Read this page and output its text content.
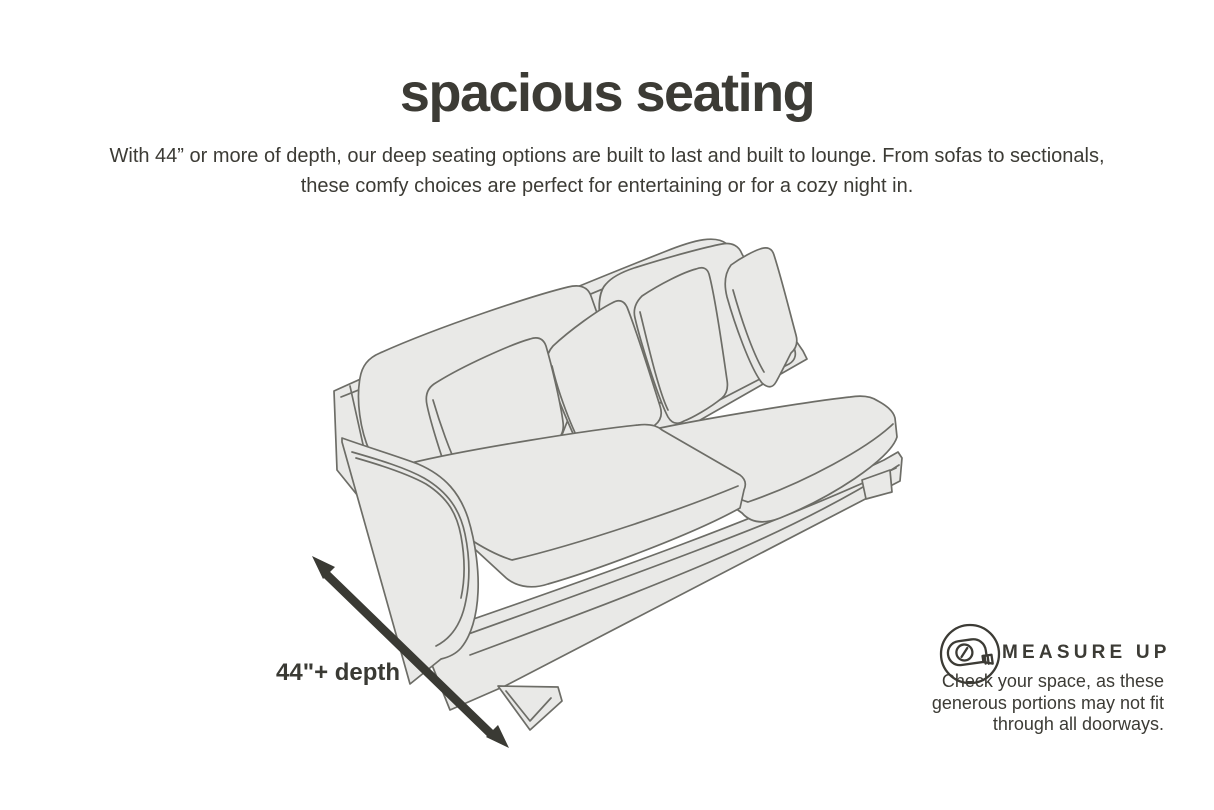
spacious seating
With 44” or more of depth, our deep seating options are built to last and built to lounge. From sofas to sectionals, these comfy choices are perfect for entertaining or for a cozy night in.
44"+ depth
MEASURE UP
Check your space, as these generous portions may not fit through all doorways.
